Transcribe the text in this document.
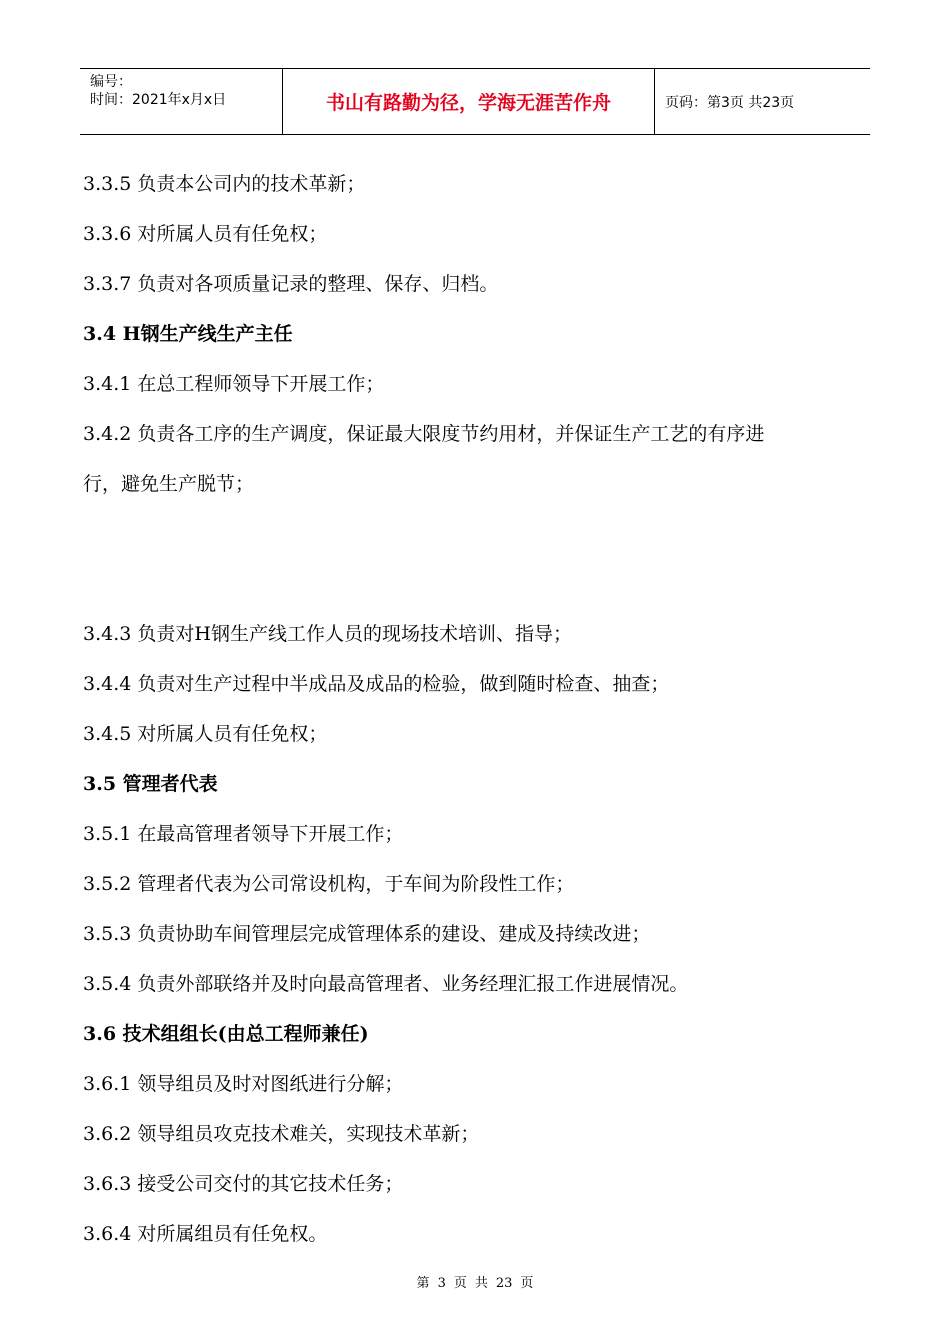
编号：
时间：2021年x月x日	书山有路勤为径，学海无涯苦作舟	页码：第3页 共23页
3.3.5 负责本公司内的技术革新；
3.3.6 对所属人员有任免权；
3.3.7 负责对各项质量记录的整理、保存、归档。
3.4 H钢生产线生产主任
3.4.1 在总工程师领导下开展工作；
3.4.2 负责各工序的生产调度，保证最大限度节约用材，并保证生产工艺的有序进
行，避免生产脱节；
3.4.3 负责对H钢生产线工作人员的现场技术培训、指导；
3.4.4 负责对生产过程中半成品及成品的检验，做到随时检查、抽查；
3.4.5 对所属人员有任免权；
3.5 管理者代表
3.5.1 在最高管理者领导下开展工作；
3.5.2 管理者代表为公司常设机构，于车间为阶段性工作；
3.5.3 负责协助车间管理层完成管理体系的建设、建成及持续改进；
3.5.4 负责外部联络并及时向最高管理者、业务经理汇报工作进展情况。
3.6 技术组组长(由总工程师兼任)
3.6.1 领导组员及时对图纸进行分解；
3.6.2 领导组员攻克技术难关，实现技术革新；
3.6.3 接受公司交付的其它技术任务；
3.6.4 对所属组员有任免权。
第 3 页 共 23 页
